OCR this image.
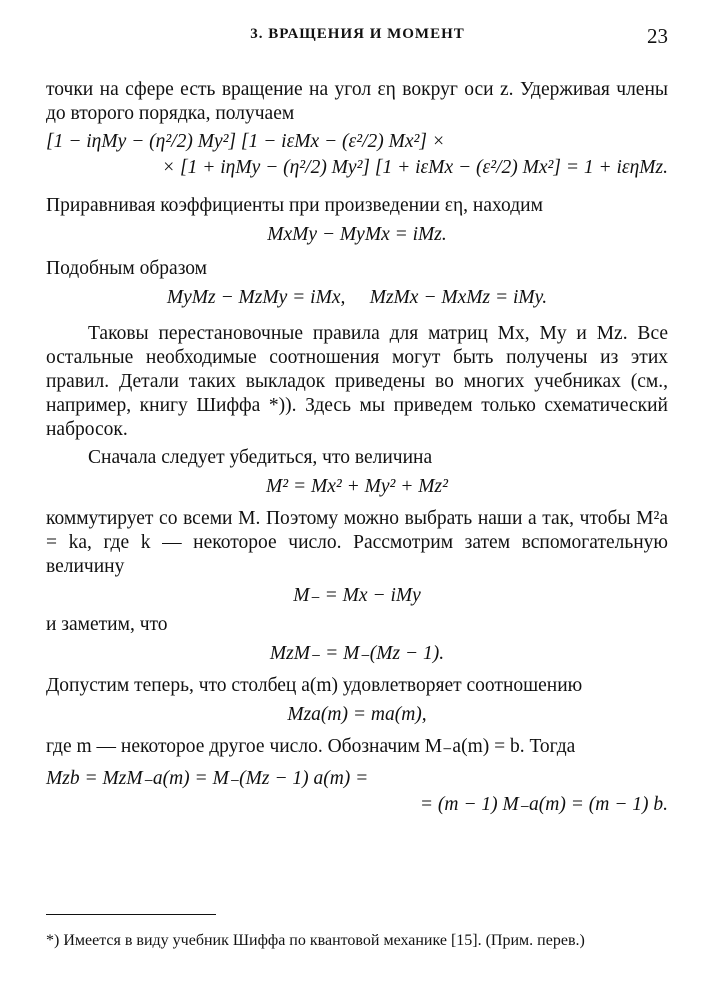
3. ВРАЩЕНИЯ И МОМЕНТ	23

точки на сфере есть вращение на угол εη вокруг оси z. Удерживая члены до второго порядка, получаем

[1 − iηMy − (η²/2) My²] [1 − iεMx − (ε²/2) Mx²] ×
× [1 + iηMy − (η²/2) My²] [1 + iεMx − (ε²/2) Mx²] = 1 + iεηMz.

Приравнивая коэффициенты при произведении εη, находим

MxMy − MyMx = iMz.

Подобным образом

MyMz − MzMy = iMx,     MzMx − MxMz = iMy.

Таковы перестановочные правила для матриц Mx, My и Mz. Все остальные необходимые соотношения могут быть получены из этих правил. Детали таких выкладок приведены во многих учебниках (см., например, книгу Шиффа *)). Здесь мы приведем только схематический набросок.

Сначала следует убедиться, что величина

M² = Mx² + My² + Mz²

коммутирует со всеми M. Поэтому можно выбрать наши a так, чтобы M²a = ka, где k — некоторое число. Рассмотрим затем вспомогательную величину

M₋ = Mx − iMy

и заметим, что

MzM₋ = M₋(Mz − 1).

Допустим теперь, что столбец a(m) удовлетворяет соотношению

Mza(m) = ma(m),

где m — некоторое другое число. Обозначим M₋a(m) = b. Тогда

Mzb = MzM₋a(m) = M₋(Mz − 1) a(m) =
= (m − 1) M₋a(m) = (m − 1) b.
*) Имеется в виду учебник Шиффа по квантовой механике [15]. (Прим. перев.)
